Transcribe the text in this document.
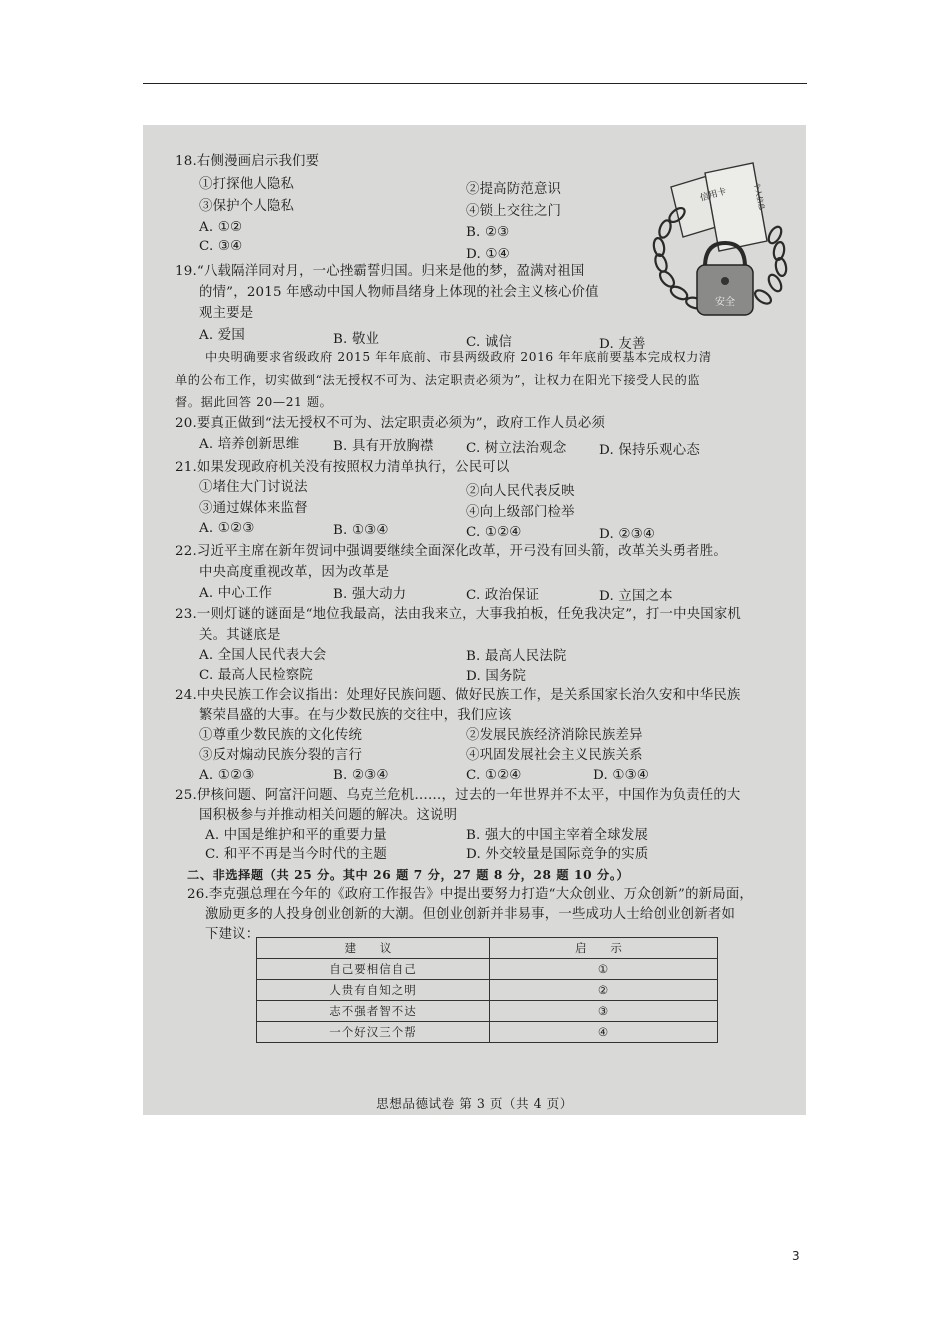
18.右侧漫画启示我们要
①打探他人隐私	②提高防范意识
③保护个人隐私	④锁上交往之门
A. ①②	B. ②③
C. ③④
D. ①④
信用卡	个人信息
安全
19.“八载隔洋同对月，一心挫霸誓归国。归来是他的梦，盈满对祖国
的情”，2015 年感动中国人物师昌绪身上体现的社会主义核心价值
观主要是
A. 爱国	B. 敬业	C. 诚信	D. 友善
中央明确要求省级政府 2015 年年底前、市县两级政府 2016 年年底前要基本完成权力清
单的公布工作，切实做到“法无授权不可为、法定职责必须为”，让权力在阳光下接受人民的监
督。据此回答 20—21 题。
20.要真正做到“法无授权不可为、法定职责必须为”，政府工作人员必须
A. 培养创新思维	B. 具有开放胸襟 C. 树立法治观念 D. 保持乐观心态
21.如果发现政府机关没有按照权力清单执行，公民可以
①堵住大门讨说法	②向人民代表反映
③通过媒体来监督	④向上级部门检举
A. ①②③	B. ①③④	C. ①②④	D. ②③④
22.习近平主席在新年贺词中强调要继续全面深化改革，开弓没有回头箭，改革关头勇者胜。
中央高度重视改革，因为改革是
A. 中心工作	B. 强大动力	C. 政治保证	D. 立国之本
23.一则灯谜的谜面是“地位我最高，法由我来立，大事我拍板，任免我决定”，打一中央国家机
关。其谜底是
A. 全国人民代表大会	B. 最高人民法院
C. 最高人民检察院	D. 国务院
24.中央民族工作会议指出：处理好民族问题、做好民族工作，是关系国家长治久安和中华民族
繁荣昌盛的大事。在与少数民族的交往中，我们应该
①尊重少数民族的文化传统	②发展民族经济消除民族差异
③反对煽动民族分裂的言行	④巩固发展社会主义民族关系
A. ①②③	B. ②③④	C. ①②④	D. ①③④
25.伊核问题、阿富汗问题、乌克兰危机……，过去的一年世界并不太平，中国作为负责任的大
国积极参与并推动相关问题的解决。这说明
A. 中国是维护和平的重要力量	B. 强大的中国主宰着全球发展
C. 和平不再是当今时代的主题	D. 外交较量是国际竞争的实质
二、非选择题（共 25 分。其中 26 题 7 分，27 题 8 分，28 题 10 分。）
26.李克强总理在今年的《政府工作报告》中提出要努力打造“大众创业、万众创新”的新局面，
激励更多的人投身创业创新的大潮。但创业创新并非易事，一些成功人士给创业创新者如
下建议：
建 议	启 示
自己要相信自己	①
人贵有自知之明	②
志不强者智不达	③
一个好汉三个帮	④
思想品德试卷 第 3 页（共 4 页）
3
